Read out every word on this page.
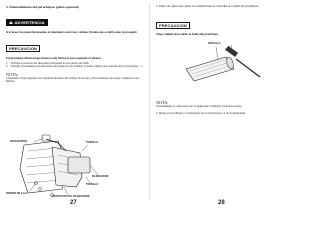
5. Mantenimiento del parachispas (pieza opcional)
ADVERTENCIA
Si el motor ha estado funcionando, el silenciador estará muy caliente. Permita que se enfríe antes de proseguir.
PRECAUCION
El parachispas deberá inspeccionarse cada 100 horas para mantener su eficacia.
1.	Extraiga el protector del silenciador extrayendo los tres pernos de 6 mm.
2.	Extraiga el parachispas del silenciador extrayendo los dos tornillos. (Cuando cambie para su inspección el parachispas, ...)
NOTA:
Compruebe si hay depósitos de carbonilla alrededor del orificio de escape y del parachispas de escape. Límpielos si los hubiera.
PARACHISPAS	TORNILLO
SILENCIADOR
TORNILLO
PERNOS DE 6 mm
PROTECTOR DEL SILENCIADOR
3. Utilice un cepillo para quitar las acumulaciones de carbonilla de la malla del parachispas.
PRECAUCION
Tenga cuidado de no dañar la malla del parachispas.
PANTALLA
NOTA:
El parachispas no debe estar roto ni agujereado. Cámbielo si fuera necesario.
4. Instale el parachispas y el silenciador en el orden inverso al de su desmontaje.
27	28
